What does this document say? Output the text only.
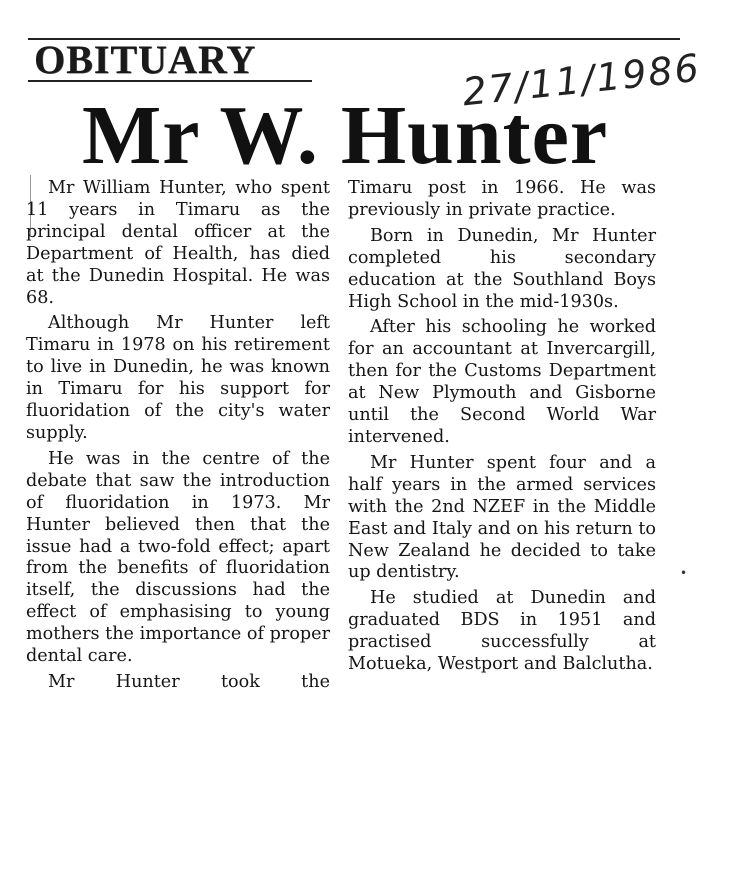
OBITUARY	27/11/1986
Mr W. Hunter

Mr William Hunter, who spent 11 years in Timaru as the principal dental officer at the Department of Health, has died at the Dunedin Hospital. He was 68.

Although Mr Hunter left Timaru in 1978 on his retirement to live in Dunedin, he was known in Timaru for his support for fluoridation of the city's water supply.

He was in the centre of the debate that saw the introduction of fluoridation in 1973. Mr Hunter believed then that the issue had a two-fold effect; apart from the benefits of fluoridation itself, the discussions had the effect of emphasising to young mothers the importance of proper dental care.

Mr Hunter took the

Timaru post in 1966. He was previously in private practice.

Born in Dunedin, Mr Hunter completed his secondary education at the Southland Boys High School in the mid-1930s.

After his schooling he worked for an accountant at Invercargill, then for the Customs Department at New Plymouth and Gisborne until the Second World War intervened.

Mr Hunter spent four and a half years in the armed services with the 2nd NZEF in the Middle East and Italy and on his return to New Zealand he decided to take up dentistry.

He studied at Dunedin and graduated BDS in 1951 and practised successfully at Motueka, Westport and Balclutha.

•
